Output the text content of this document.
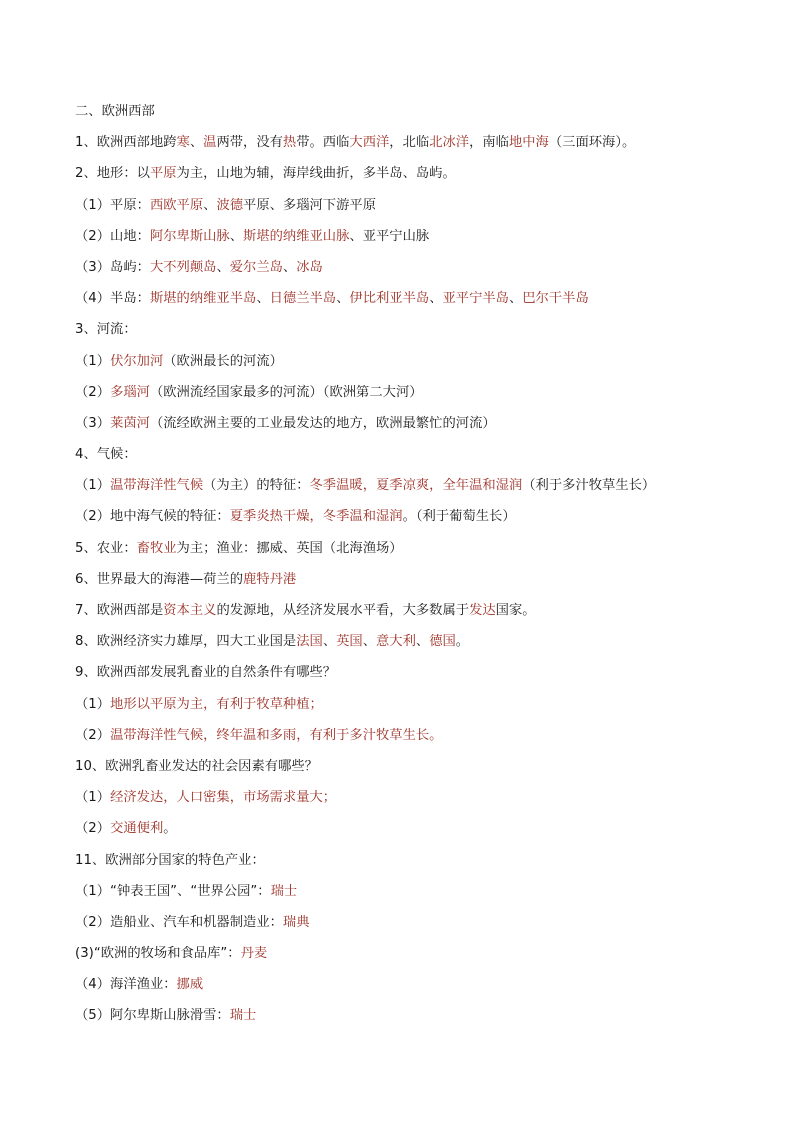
二、欧洲西部
1、欧洲西部地跨寒、温两带，没有热带。西临大西洋，北临北冰洋，南临地中海（三面环海）。
2、地形：以平原为主，山地为辅，海岸线曲折，多半岛、岛屿。
（1）平原：西欧平原、波德平原、多瑙河下游平原
（2）山地：阿尔卑斯山脉、斯堪的纳维亚山脉、亚平宁山脉
（3）岛屿：大不列颠岛、爱尔兰岛、冰岛
（4）半岛：斯堪的纳维亚半岛、日德兰半岛、伊比利亚半岛、亚平宁半岛、巴尔干半岛
3、河流：
（1）伏尔加河（欧洲最长的河流）
（2）多瑙河（欧洲流经国家最多的河流）（欧洲第二大河）
（3）莱茵河（流经欧洲主要的工业最发达的地方，欧洲最繁忙的河流）
4、气候：
（1）温带海洋性气候（为主）的特征：冬季温暖，夏季凉爽，全年温和湿润（利于多汁牧草生长）
（2）地中海气候的特征：夏季炎热干燥，冬季温和湿润。（利于葡萄生长）
5、农业：畜牧业为主；渔业：挪威、英国（北海渔场）
6、世界最大的海港—荷兰的鹿特丹港
7、欧洲西部是资本主义的发源地，从经济发展水平看，大多数属于发达国家。
8、欧洲经济实力雄厚，四大工业国是法国、英国、意大利、德国。
9、欧洲西部发展乳畜业的自然条件有哪些？
（1）地形以平原为主，有利于牧草种植；
（2）温带海洋性气候，终年温和多雨，有利于多汁牧草生长。
10、欧洲乳畜业发达的社会因素有哪些？
（1）经济发达，人口密集，市场需求量大；
（2）交通便利。
11、欧洲部分国家的特色产业：
（1）“钟表王国”、“世界公园”：瑞士
（2）造船业、汽车和机器制造业：瑞典
(3)“欧洲的牧场和食品库”：丹麦
（4）海洋渔业：挪威
（5）阿尔卑斯山脉滑雪：瑞士
